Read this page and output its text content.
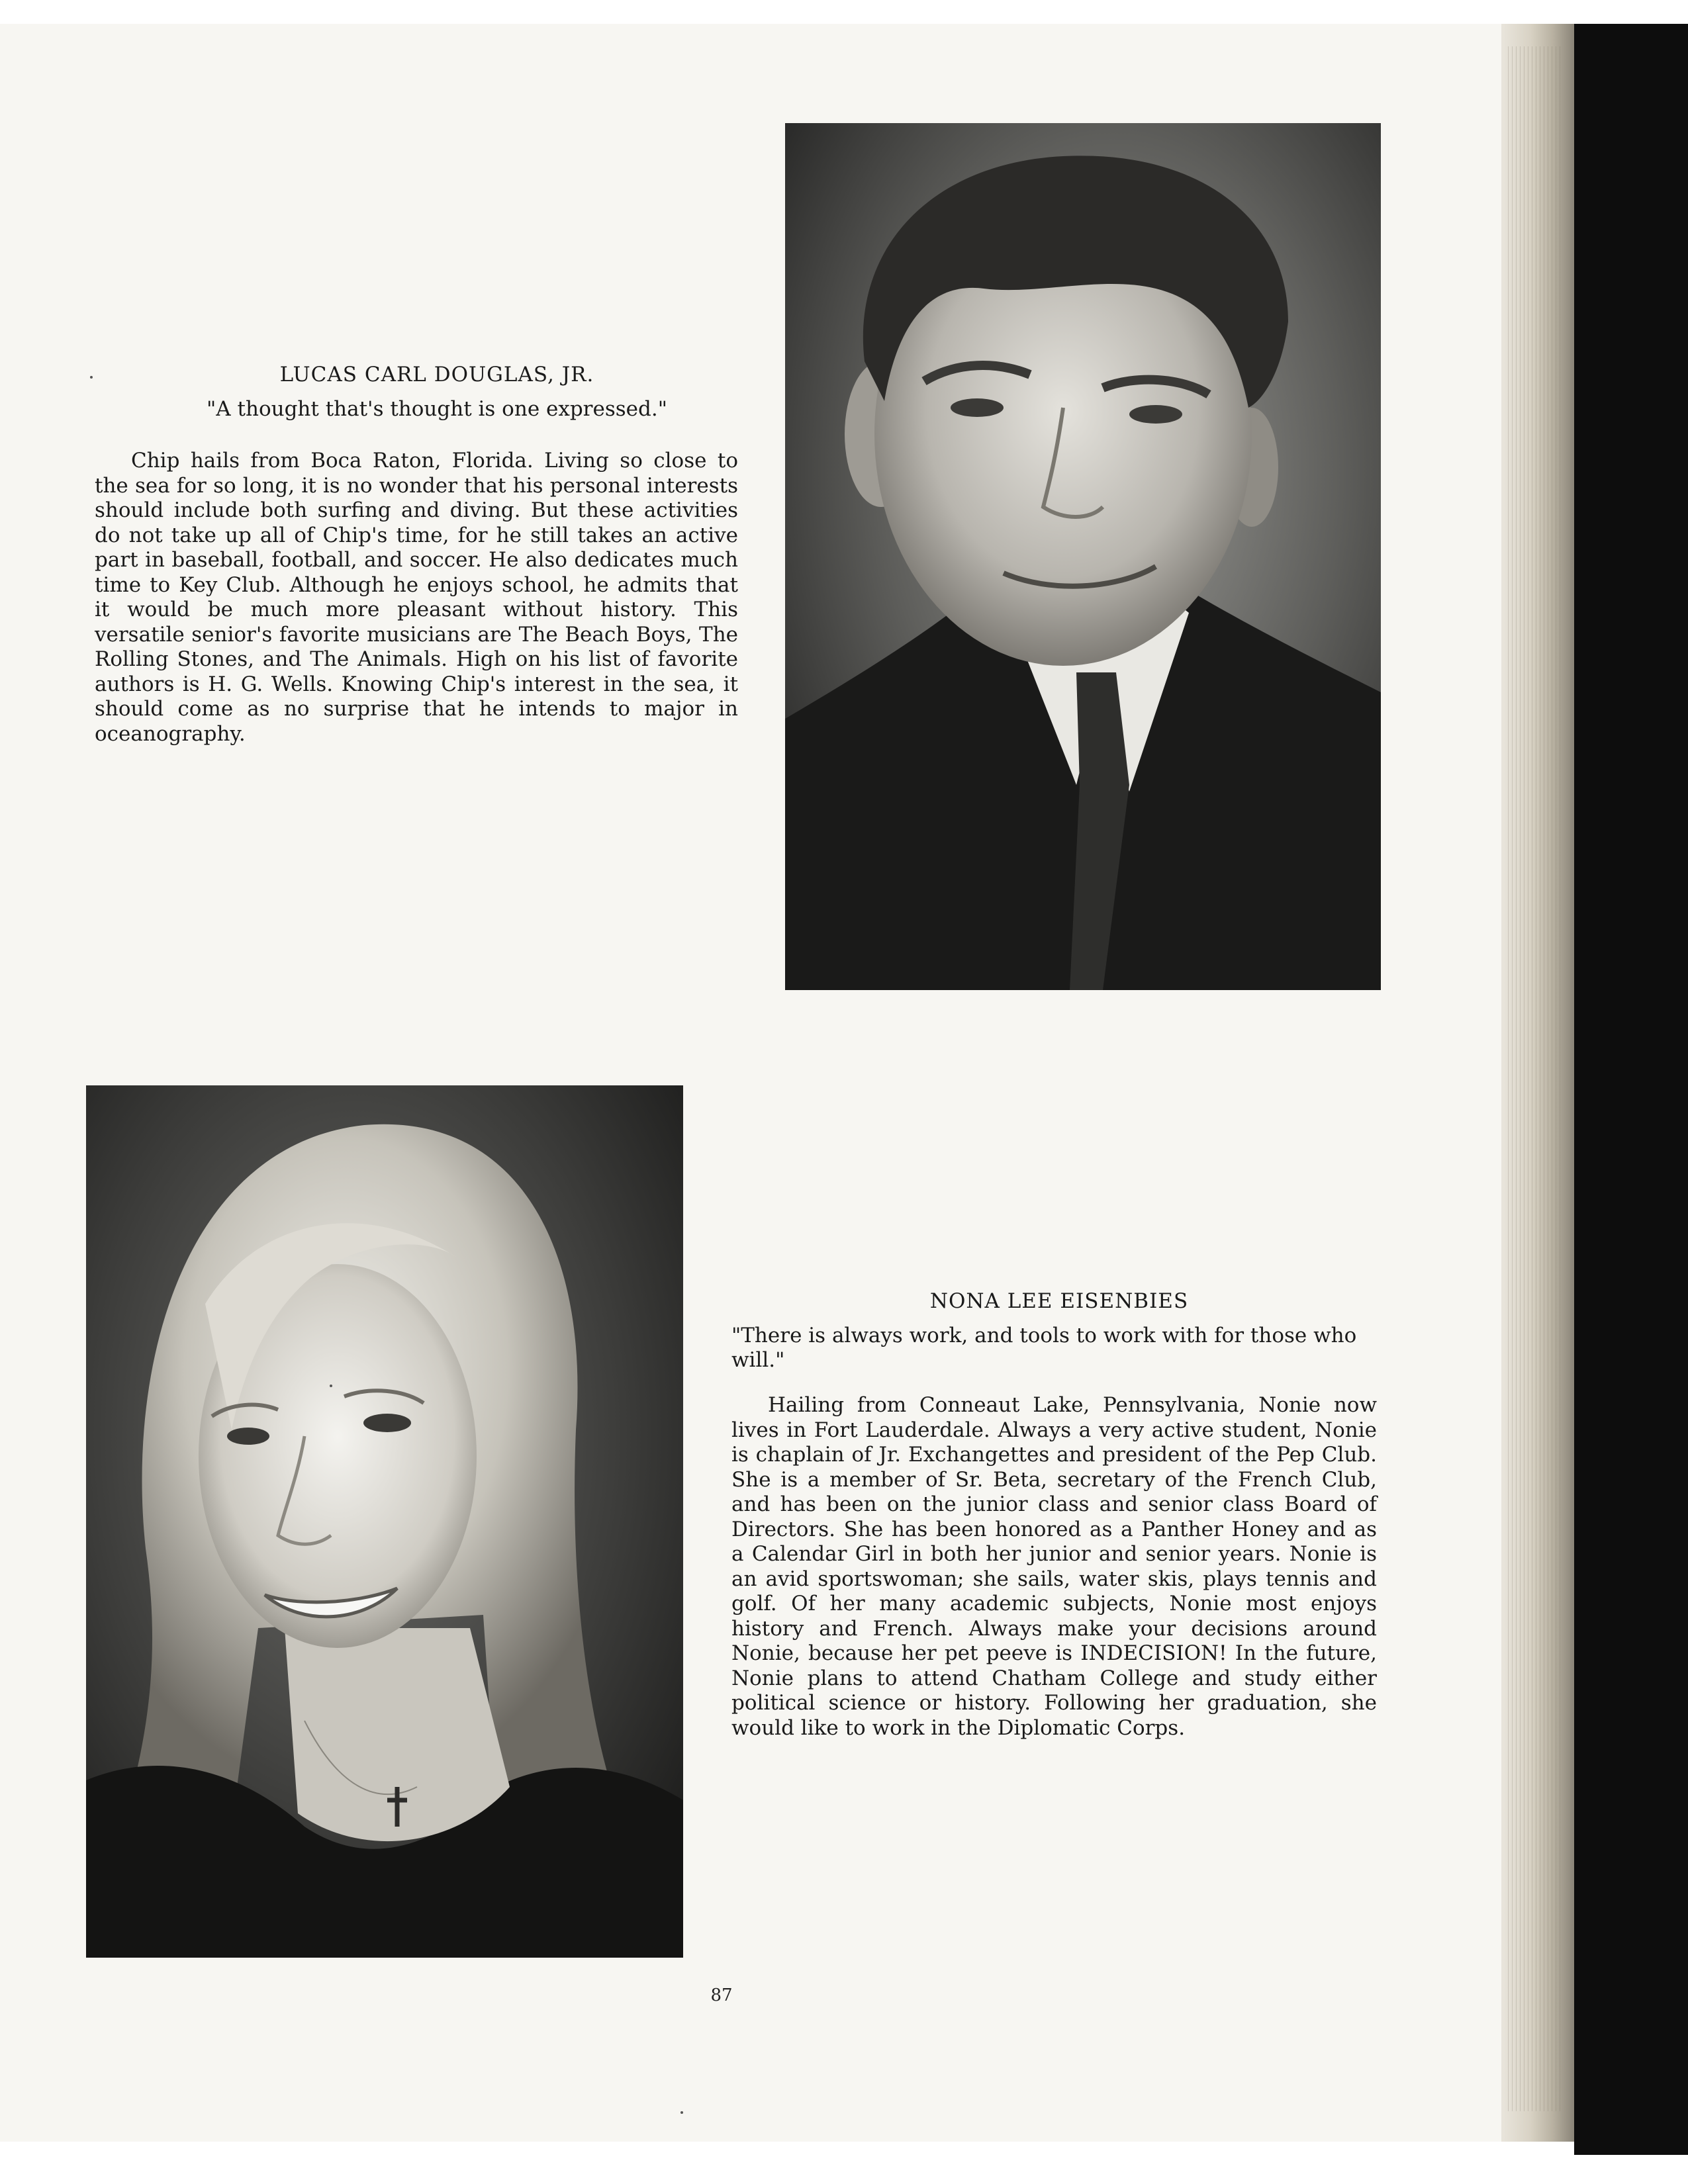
LUCAS CARL DOUGLAS, JR.

"A thought that's thought is one expressed."

Chip hails from Boca Raton, Florida. Living so close to the sea for so long, it is no wonder that his personal interests should include both surfing and diving. But these activities do not take up all of Chip's time, for he still takes an active part in baseball, football, and soccer. He also dedicates much time to Key Club. Although he enjoys school, he admits that it would be much more pleasant without history. This versatile senior's favorite musicians are The Beach Boys, The Rolling Stones, and The Animals. High on his list of favorite authors is H. G. Wells. Knowing Chip's interest in the sea, it should come as no surprise that he intends to major in oceanography.

NONA LEE EISENBIES

"There is always work, and tools to work with for those who will."

Hailing from Conneaut Lake, Pennsylvania, Nonie now lives in Fort Lauderdale. Always a very active student, Nonie is chaplain of Jr. Exchangettes and president of the Pep Club. She is a member of Sr. Beta, secretary of the French Club, and has been on the junior class and senior class Board of Directors. She has been honored as a Panther Honey and as a Calendar Girl in both her junior and senior years. Nonie is an avid sportswoman; she sails, water skis, plays tennis and golf. Of her many academic subjects, Nonie most enjoys history and French. Always make your decisions around Nonie, because her pet peeve is INDECISION! In the future, Nonie plans to attend Chatham College and study either political science or history. Following her graduation, she would like to work in the Diplomatic Corps.

87
